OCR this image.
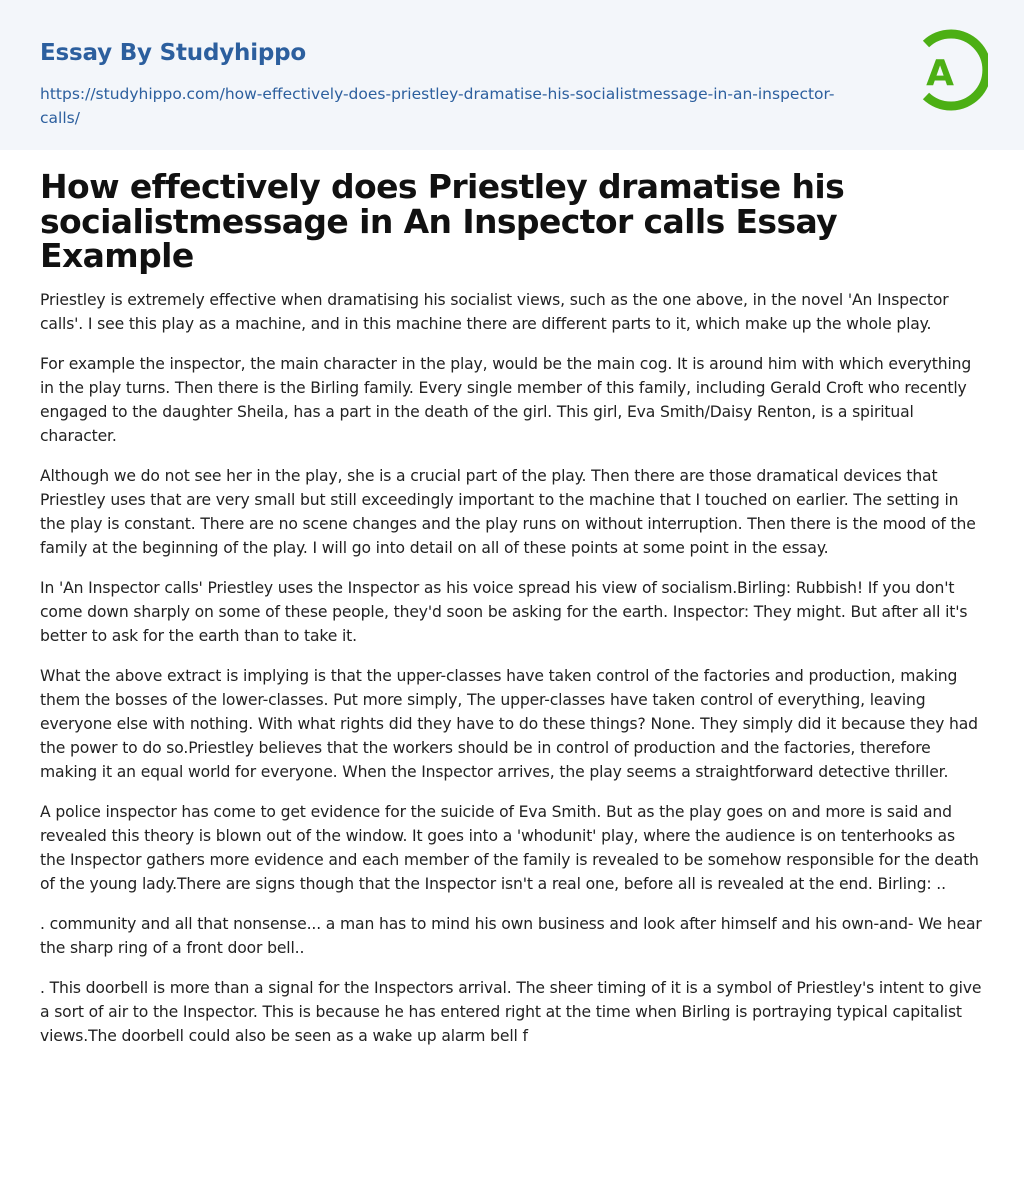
Essay By Studyhippo
https://studyhippo.com/how-effectively-does-priestley-dramatise-his-socialistmessage-in-an-inspector-calls/
A
How effectively does Priestley dramatise his socialistmessage in An Inspector calls Essay Example

Priestley is extremely effective when dramatising his socialist views, such as the one above, in the novel 'An Inspector calls'. I see this play as a machine, and in this machine there are different parts to it, which make up the whole play.

For example the inspector, the main character in the play, would be the main cog. It is around him with which everything in the play turns. Then there is the Birling family. Every single member of this family, including Gerald Croft who recently engaged to the daughter Sheila, has a part in the death of the girl. This girl, Eva Smith/Daisy Renton, is a spiritual character.

Although we do not see her in the play, she is a crucial part of the play. Then there are those dramatical devices that Priestley uses that are very small but still exceedingly important to the machine that I touched on earlier. The setting in the play is constant. There are no scene changes and the play runs on without interruption. Then there is the mood of the family at the beginning of the play. I will go into detail on all of these points at some point in the essay.

In 'An Inspector calls' Priestley uses the Inspector as his voice spread his view of socialism.Birling: Rubbish! If you don't come down sharply on some of these people, they'd soon be asking for the earth. Inspector: They might. But after all it's better to ask for the earth than to take it.

What the above extract is implying is that the upper-classes have taken control of the factories and production, making them the bosses of the lower-classes. Put more simply, The upper-classes have taken control of everything, leaving everyone else with nothing. With what rights did they have to do these things? None. They simply did it because they had the power to do so.Priestley believes that the workers should be in control of production and the factories, therefore making it an equal world for everyone. When the Inspector arrives, the play seems a straightforward detective thriller.

A police inspector has come to get evidence for the suicide of Eva Smith. But as the play goes on and more is said and revealed this theory is blown out of the window. It goes into a 'whodunit' play, where the audience is on tenterhooks as the Inspector gathers more evidence and each member of the family is revealed to be somehow responsible for the death of the young lady.There are signs though that the Inspector isn't a real one, before all is revealed at the end. Birling: ..

. community and all that nonsense... a man has to mind his own business and look after himself and his own-and- We hear the sharp ring of a front door bell..

. This doorbell is more than a signal for the Inspectors arrival. The sheer timing of it is a symbol of Priestley's intent to give a sort of air to the Inspector. This is because he has entered right at the time when Birling is portraying typical capitalist views.The doorbell could also be seen as a wake up alarm bell f
